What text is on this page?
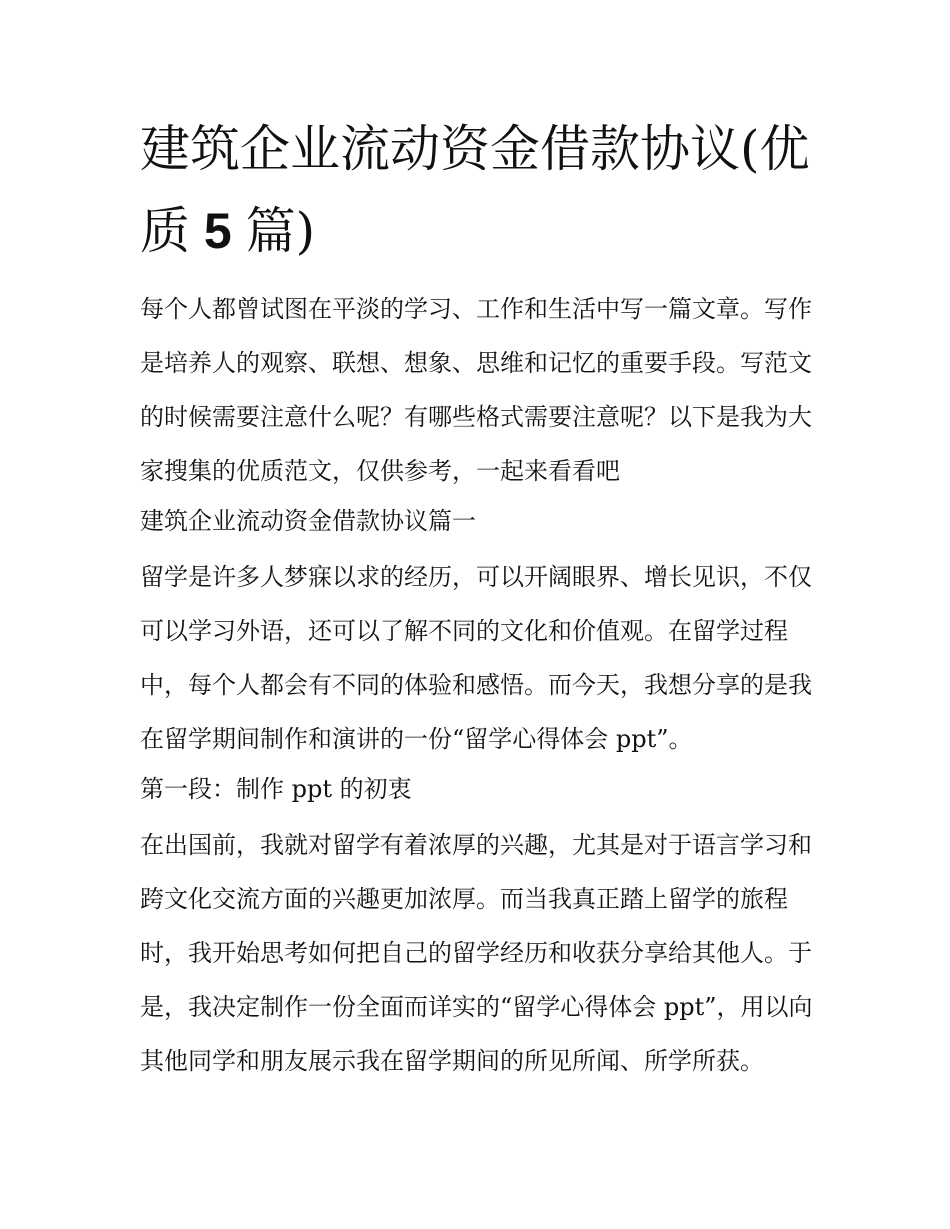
建筑企业流动资金借款协议(优质 5 篇)

每个人都曾试图在平淡的学习、工作和生活中写一篇文章。写作是培养人的观察、联想、想象、思维和记忆的重要手段。写范文的时候需要注意什么呢？有哪些格式需要注意呢？以下是我为大家搜集的优质范文，仅供参考，一起来看看吧

建筑企业流动资金借款协议篇一

留学是许多人梦寐以求的经历，可以开阔眼界、增长见识，不仅可以学习外语，还可以了解不同的文化和价值观。在留学过程中，每个人都会有不同的体验和感悟。而今天，我想分享的是我在留学期间制作和演讲的一份“留学心得体会 ppt”。

第一段：制作 ppt 的初衷

在出国前，我就对留学有着浓厚的兴趣，尤其是对于语言学习和跨文化交流方面的兴趣更加浓厚。而当我真正踏上留学的旅程时，我开始思考如何把自己的留学经历和收获分享给其他人。于是，我决定制作一份全面而详实的“留学心得体会 ppt”，用以向其他同学和朋友展示我在留学期间的所见所闻、所学所获。
